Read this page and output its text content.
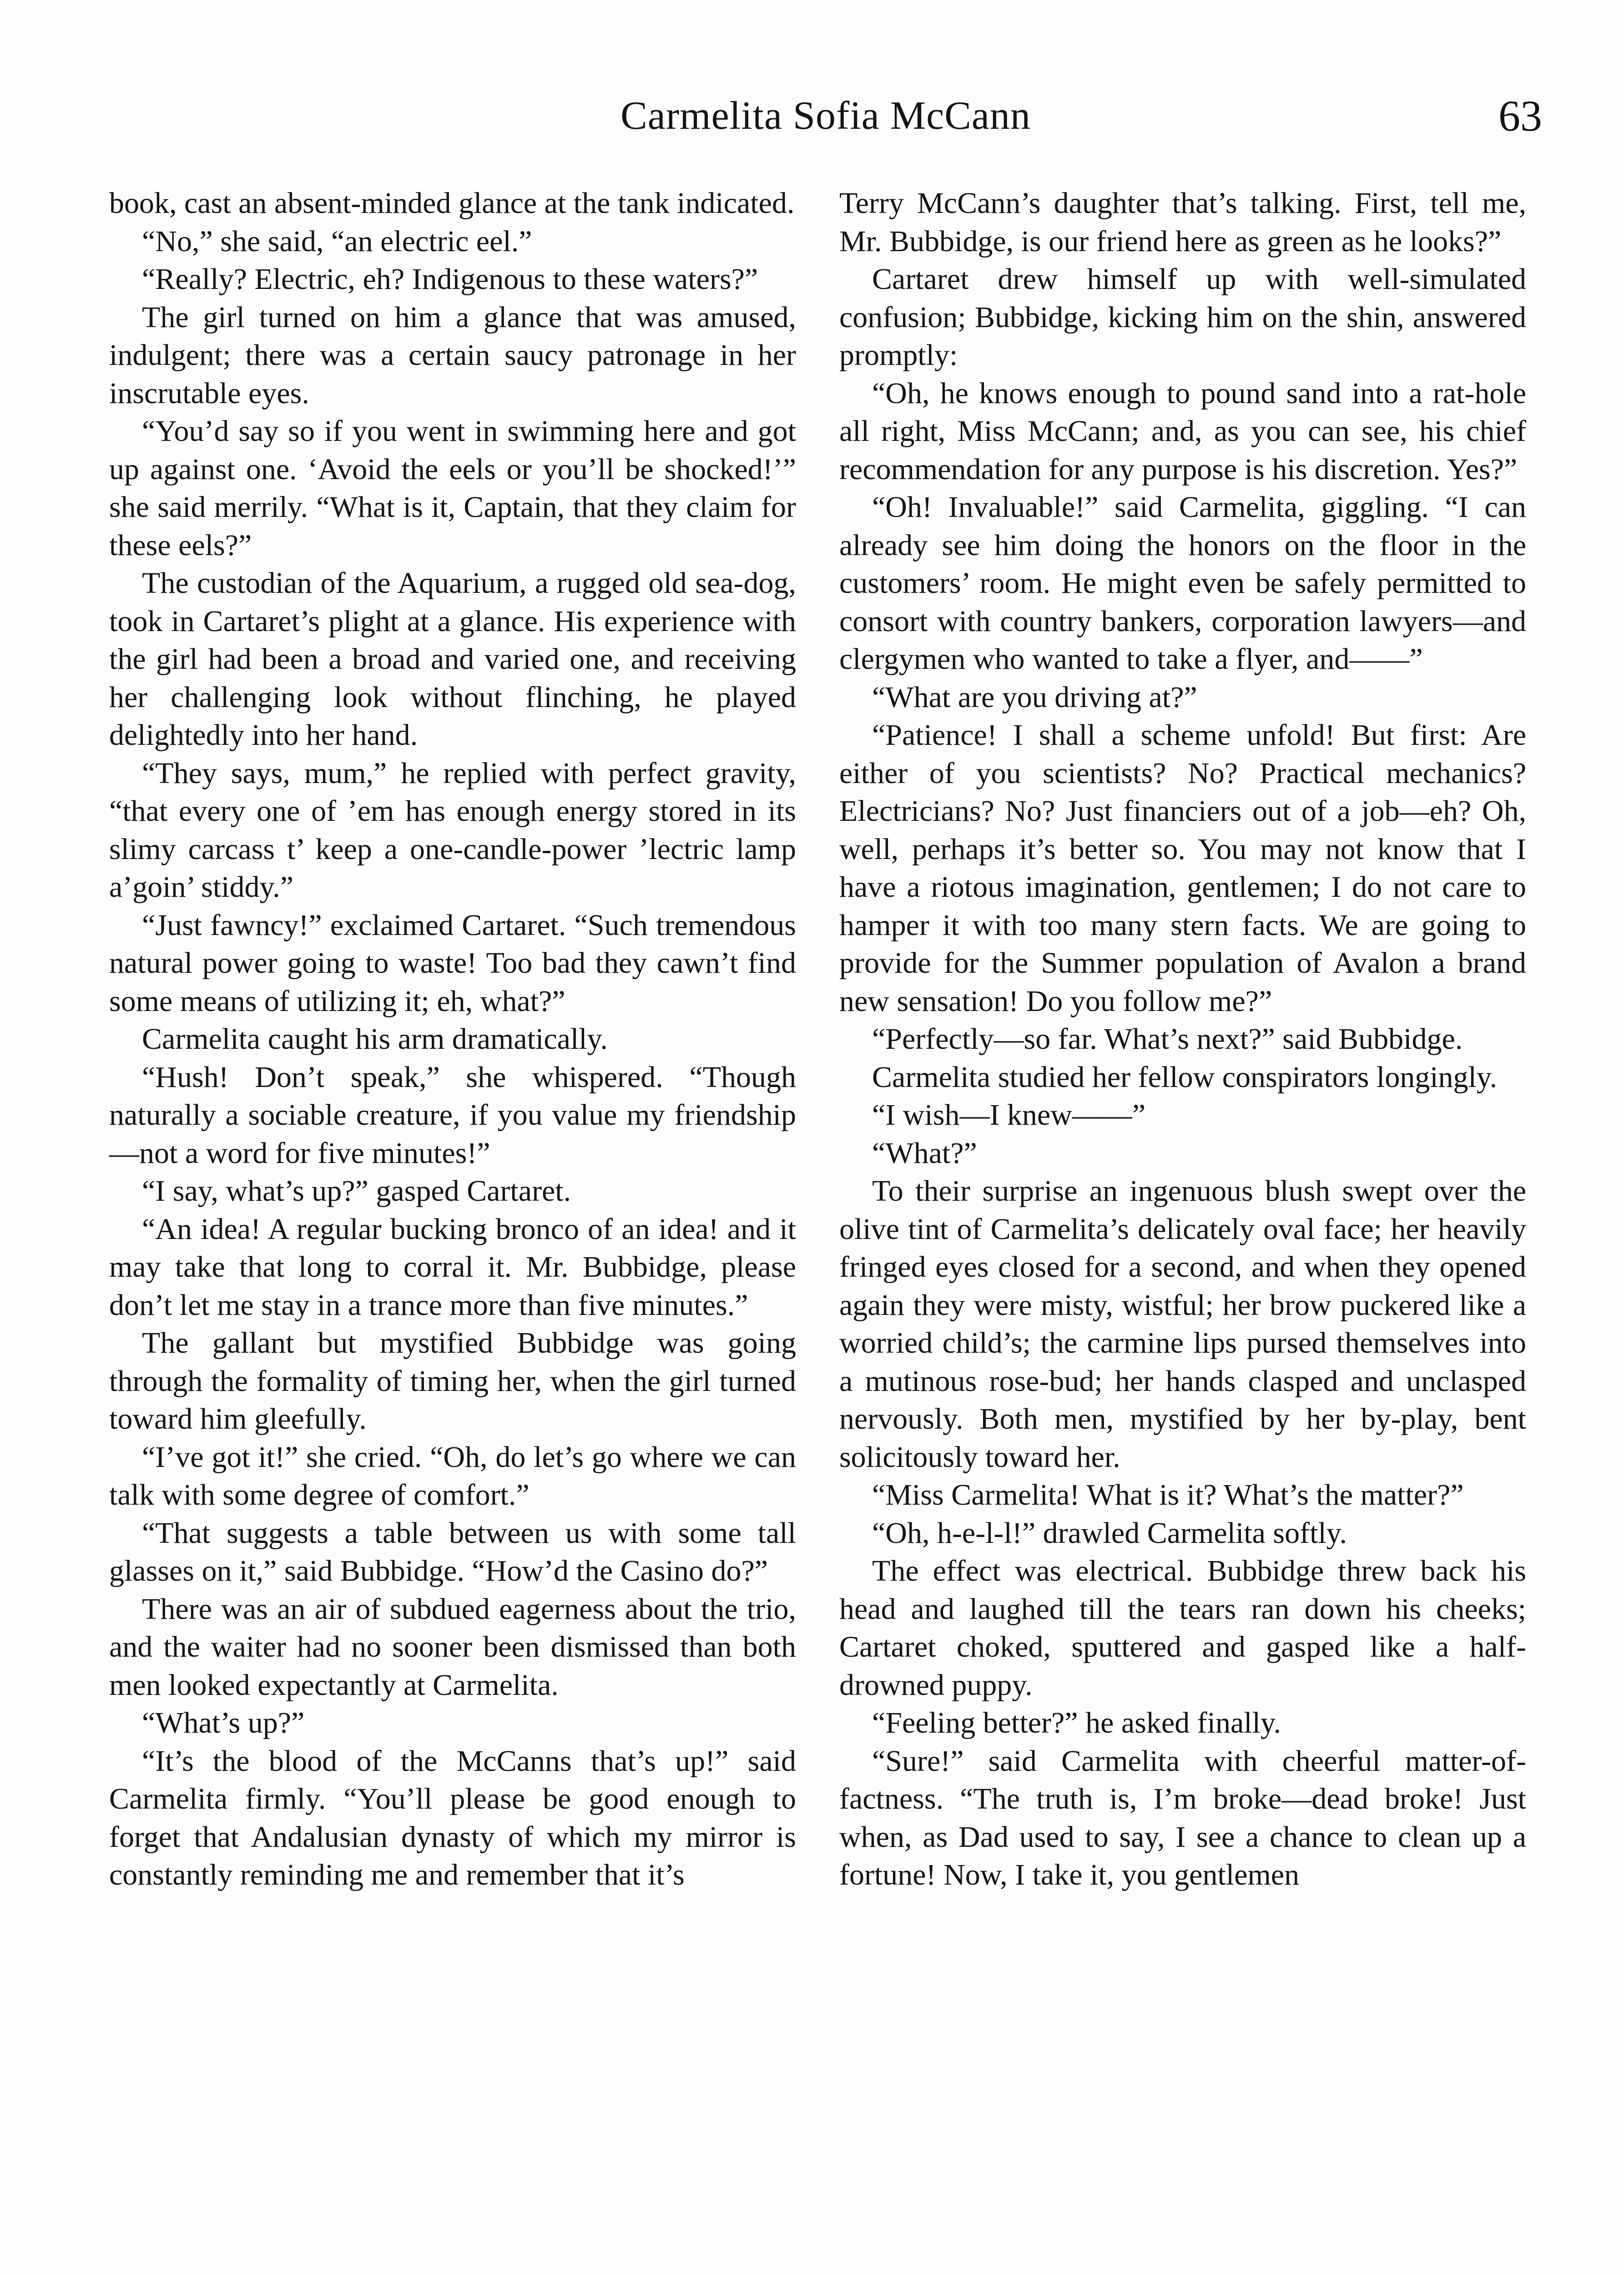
Carmelita Sofia McCann	63

book, cast an absent-minded glance at the tank indicated.

“No,” she said, “an electric eel.”

“Really? Electric, eh? Indigenous to these waters?”

The girl turned on him a glance that was amused, indulgent; there was a certain saucy patronage in her inscrutable eyes.

“You’d say so if you went in swimming here and got up against one. ‘Avoid the eels or you’ll be shocked!’” she said merrily. “What is it, Captain, that they claim for these eels?”

The custodian of the Aquarium, a rugged old sea-dog, took in Cartaret’s plight at a glance. His experience with the girl had been a broad and varied one, and receiving her challenging look without flinching, he played delightedly into her hand.

“They says, mum,” he replied with perfect gravity, “that every one of ’em has enough energy stored in its slimy carcass t’ keep a one-candle-power ’lectric lamp a’goin’ stiddy.”

“Just fawncy!” exclaimed Cartaret. “Such tremendous natural power going to waste! Too bad they cawn’t find some means of utilizing it; eh, what?”

Carmelita caught his arm dramatically.

“Hush! Don’t speak,” she whispered. “Though naturally a sociable creature, if you value my friendship—not a word for five minutes!”

“I say, what’s up?” gasped Cartaret.

“An idea! A regular bucking bronco of an idea! and it may take that long to corral it. Mr. Bubbidge, please don’t let me stay in a trance more than five minutes.”

The gallant but mystified Bubbidge was going through the formality of timing her, when the girl turned toward him gleefully.

“I’ve got it!” she cried. “Oh, do let’s go where we can talk with some degree of comfort.”

“That suggests a table between us with some tall glasses on it,” said Bubbidge. “How’d the Casino do?”

There was an air of subdued eagerness about the trio, and the waiter had no sooner been dismissed than both men looked expectantly at Carmelita.

“What’s up?”

“It’s the blood of the McCanns that’s up!” said Carmelita firmly. “You’ll please be good enough to forget that Andalusian dynasty of which my mirror is constantly reminding me and remember that it’s

Terry McCann’s daughter that’s talking. First, tell me, Mr. Bubbidge, is our friend here as green as he looks?”

Cartaret drew himself up with well-simulated confusion; Bubbidge, kicking him on the shin, answered promptly:

“Oh, he knows enough to pound sand into a rat-hole all right, Miss McCann; and, as you can see, his chief recommendation for any purpose is his discretion. Yes?”

“Oh! Invaluable!” said Carmelita, giggling. “I can already see him doing the honors on the floor in the customers’ room. He might even be safely permitted to consort with country bankers, corporation lawyers—and clergymen who wanted to take a flyer, and——”

“What are you driving at?”

“Patience! I shall a scheme unfold! But first: Are either of you scientists? No? Practical mechanics? Electricians? No? Just financiers out of a job—eh? Oh, well, perhaps it’s better so. You may not know that I have a riotous imagination, gentlemen; I do not care to hamper it with too many stern facts. We are going to provide for the Summer population of Avalon a brand new sensation! Do you follow me?”

“Perfectly—so far. What’s next?” said Bubbidge.

Carmelita studied her fellow conspirators longingly.

“I wish—I knew——”

“What?”

To their surprise an ingenuous blush swept over the olive tint of Carmelita’s delicately oval face; her heavily fringed eyes closed for a second, and when they opened again they were misty, wistful; her brow puckered like a worried child’s; the carmine lips pursed themselves into a mutinous rose-bud; her hands clasped and unclasped nervously. Both men, mystified by her by-play, bent solicitously toward her.

“Miss Carmelita! What is it? What’s the matter?”

“Oh, h-e-l-l!” drawled Carmelita softly.

The effect was electrical. Bubbidge threw back his head and laughed till the tears ran down his cheeks; Cartaret choked, sputtered and gasped like a half-drowned puppy.

“Feeling better?” he asked finally.

“Sure!” said Carmelita with cheerful matter-of-factness. “The truth is, I’m broke—dead broke! Just when, as Dad used to say, I see a chance to clean up a fortune! Now, I take it, you gentlemen
